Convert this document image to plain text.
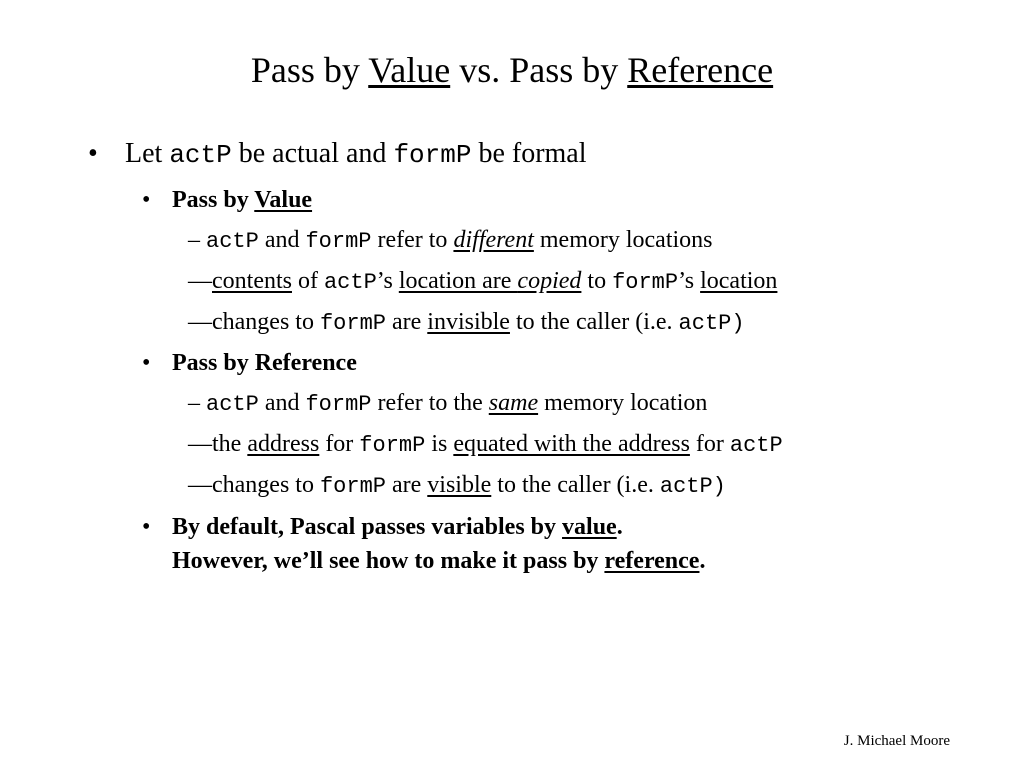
Pass by Value vs. Pass by Reference
• Let actP be actual and formP be formal
• Pass by Value
– actP and formP refer to different memory locations
—contents of actP’s location are copied to formP’s location
—changes to formP are invisible to the caller (i.e. actP)
• Pass by Reference
– actP and formP refer to the same memory location
—the address for formP is equated with the address for actP
—changes to formP are visible to the caller (i.e. actP)
• By default, Pascal passes variables by value.
However, we’ll see how to make it pass by reference.
J. Michael Moore
